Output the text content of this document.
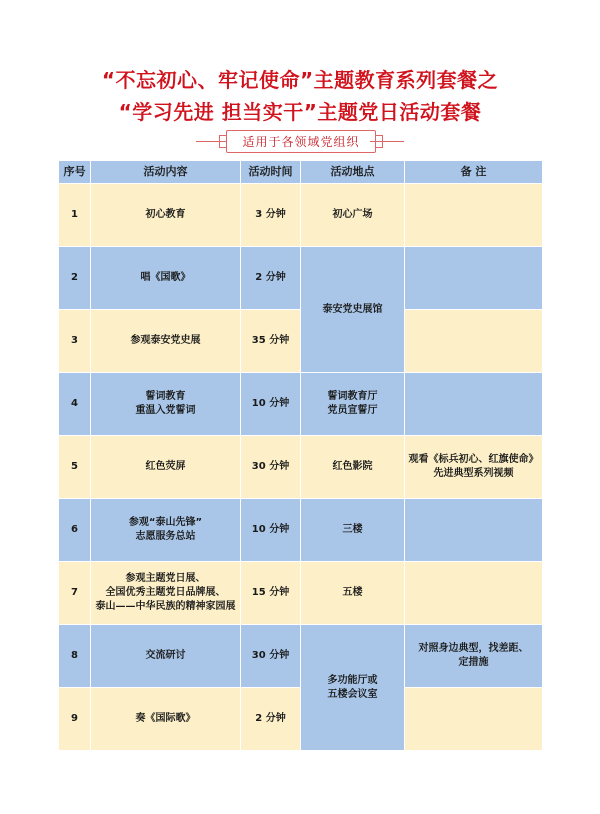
“不忘初心、牢记使命”主题教育系列套餐之
“学习先进 担当实干”主题党日活动套餐
适用于各领域党组织
序号	活动内容	活动时间	活动地点	备 注
1	初心教育	3 分钟	初心广场	
2	唱《国歌》	2 分钟	泰安党史展馆	
3	参观泰安党史展	35 分钟		
4	誓词教育
重温入党誓词	10 分钟	誓词教育厅
党员宣誓厅	
5	红色荧屏	30 分钟	红色影院	观看《标兵初心、红旗使命》
先进典型系列视频
6	参观“泰山先锋”
志愿服务总站	10 分钟	三楼	
7	参观主题党日展、
全国优秀主题党日品牌展、
泰山——中华民族的精神家园展	15 分钟	五楼	
8	交流研讨	30 分钟	多功能厅或
五楼会议室	对照身边典型，找差距、
定措施
9	奏《国际歌》	2 分钟		
